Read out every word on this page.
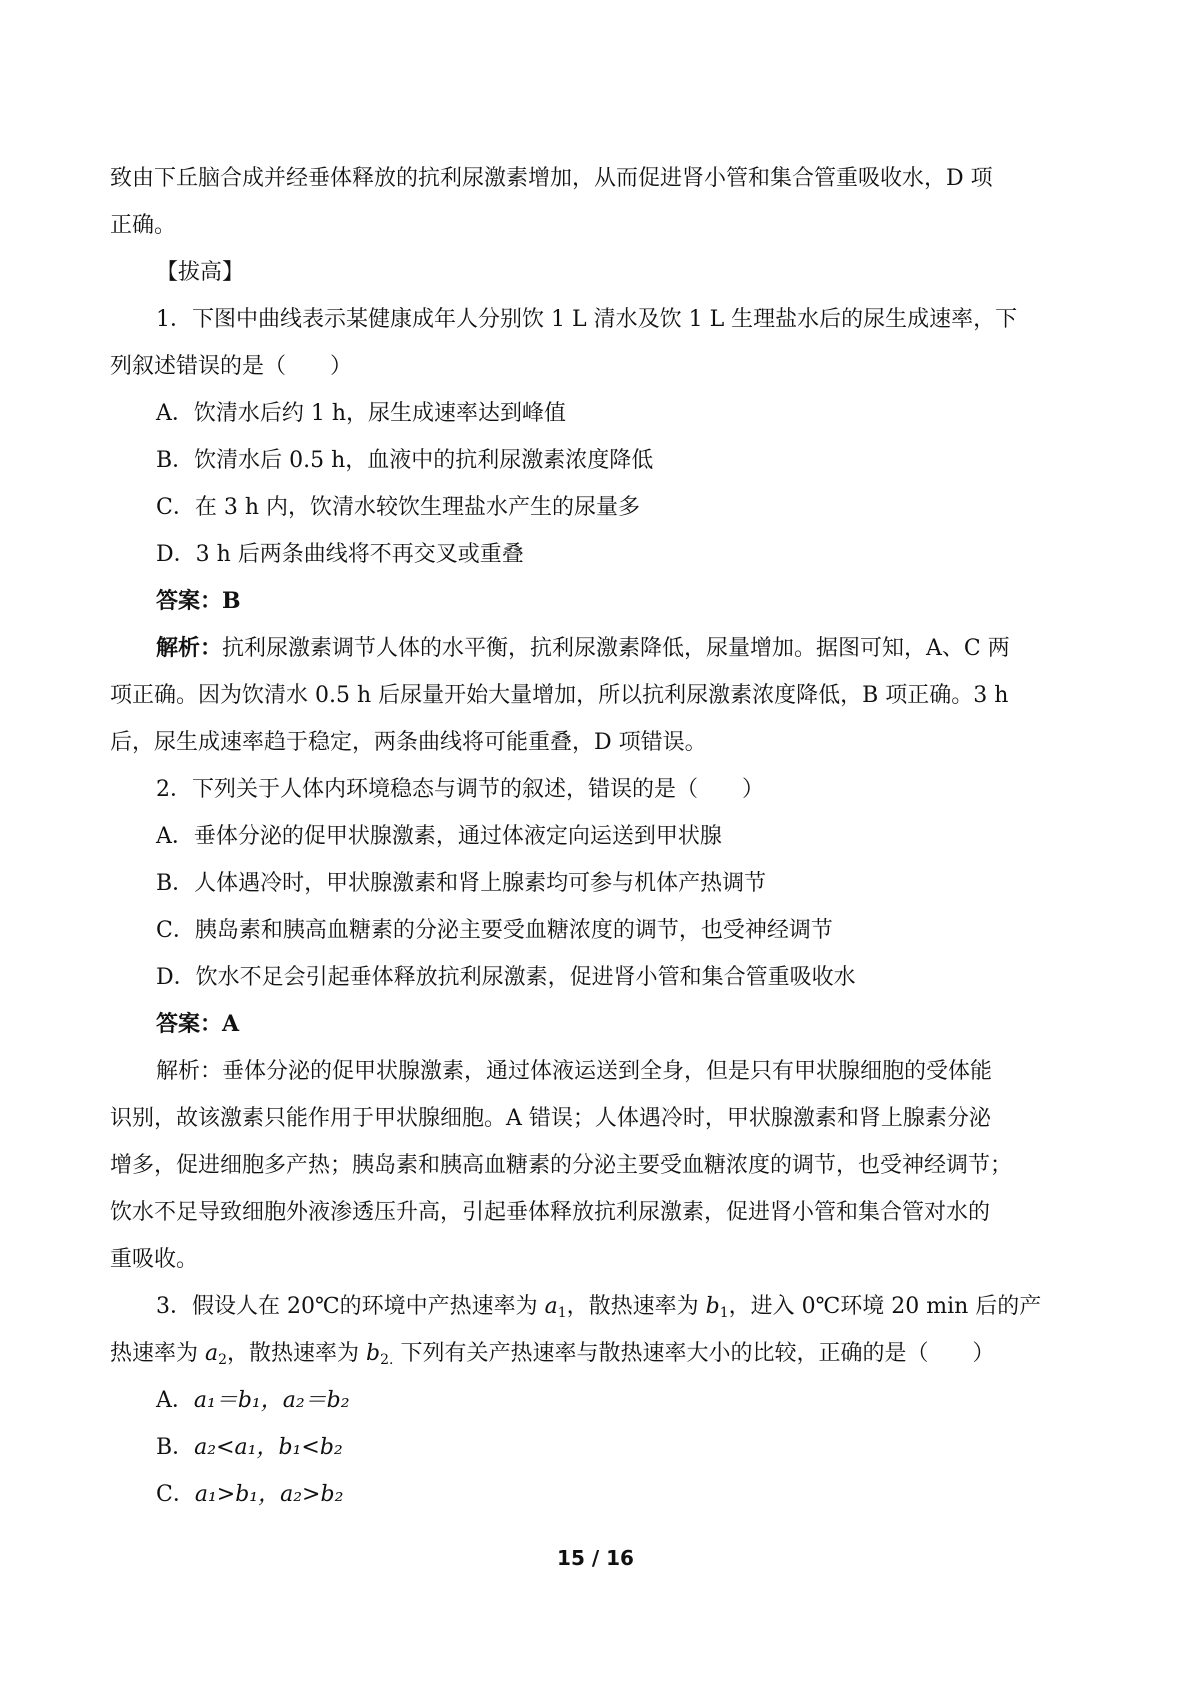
致由下丘脑合成并经垂体释放的抗利尿激素增加，从而促进肾小管和集合管重吸收水，D 项
正确。
【拔高】
1．下图中曲线表示某健康成年人分别饮 1 L 清水及饮 1 L 生理盐水后的尿生成速率，下
列叙述错误的是（　　）
A．饮清水后约 1 h，尿生成速率达到峰值
B．饮清水后 0.5 h，血液中的抗利尿激素浓度降低
C．在 3 h 内，饮清水较饮生理盐水产生的尿量多
D．3 h 后两条曲线将不再交叉或重叠
答案：B
解析：抗利尿激素调节人体的水平衡，抗利尿激素降低，尿量增加。据图可知，A、C 两
项正确。因为饮清水 0.5 h 后尿量开始大量增加，所以抗利尿激素浓度降低，B 项正确。3 h
后，尿生成速率趋于稳定，两条曲线将可能重叠，D 项错误。
2．下列关于人体内环境稳态与调节的叙述，错误的是（　　）
A．垂体分泌的促甲状腺激素，通过体液定向运送到甲状腺
B．人体遇冷时，甲状腺激素和肾上腺素均可参与机体产热调节
C．胰岛素和胰高血糖素的分泌主要受血糖浓度的调节，也受神经调节
D．饮水不足会引起垂体释放抗利尿激素，促进肾小管和集合管重吸收水
答案：A
解析：垂体分泌的促甲状腺激素，通过体液运送到全身，但是只有甲状腺细胞的受体能
识别，故该激素只能作用于甲状腺细胞。A 错误；人体遇冷时，甲状腺激素和肾上腺素分泌
增多，促进细胞多产热；胰岛素和胰高血糖素的分泌主要受血糖浓度的调节，也受神经调节；
饮水不足导致细胞外液渗透压升高，引起垂体释放抗利尿激素，促进肾小管和集合管对水的
重吸收。
3．假设人在 20℃的环境中产热速率为 $a_1$，散热速率为 $b_1$，进入 0℃环境 20 min 后的产
热速率为 $a_2$，散热速率为 $b_{2.}$ 下列有关产热速率与散热速率大小的比较，正确的是（　　）
A．a₁＝b₁，a₂＝b₂
B．a₂<a₁，b₁<b₂
C．a₁>b₁，a₂>b₂
15 / 16
